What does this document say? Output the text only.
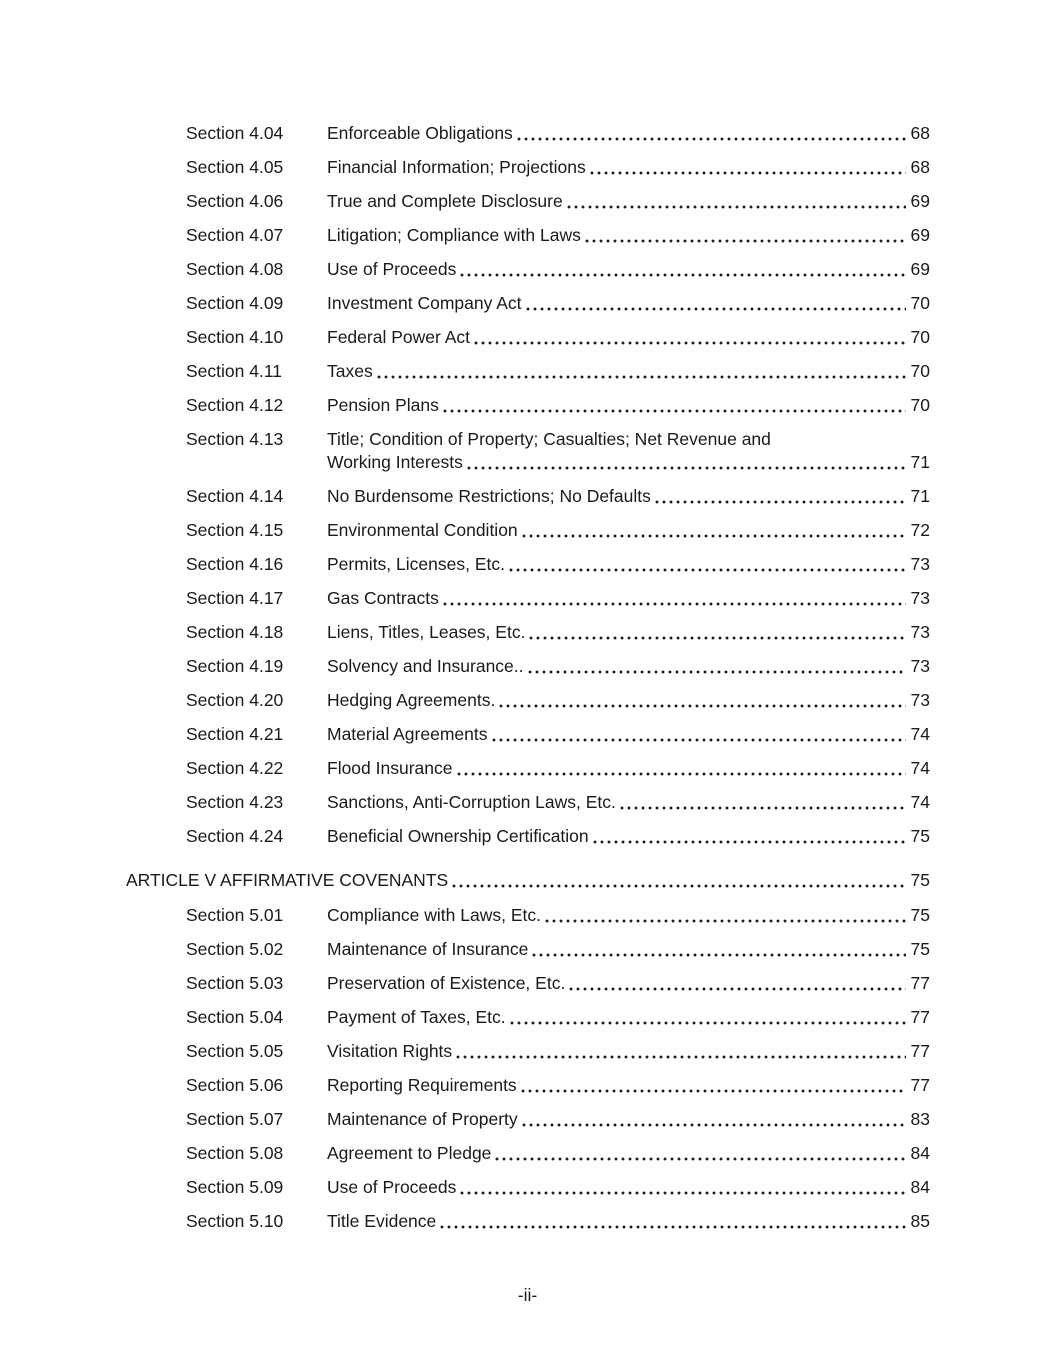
Section 4.04	Enforceable Obligations	68
Section 4.05	Financial Information; Projections	68
Section 4.06	True and Complete Disclosure	69
Section 4.07	Litigation; Compliance with Laws	69
Section 4.08	Use of Proceeds	69
Section 4.09	Investment Company Act	70
Section 4.10	Federal Power Act	70
Section 4.11	Taxes	70
Section 4.12	Pension Plans	70
Section 4.13	Title; Condition of Property; Casualties; Net Revenue and
Working Interests	71
Section 4.14	No Burdensome Restrictions; No Defaults	71
Section 4.15	Environmental Condition	72
Section 4.16	Permits, Licenses, Etc.	73
Section 4.17	Gas Contracts	73
Section 4.18	Liens, Titles, Leases, Etc.	73
Section 4.19	Solvency and Insurance..	73
Section 4.20	Hedging Agreements.	73
Section 4.21	Material Agreements	74
Section 4.22	Flood Insurance	74
Section 4.23	Sanctions, Anti-Corruption Laws, Etc.	74
Section 4.24	Beneficial Ownership Certification	75
ARTICLE V AFFIRMATIVE COVENANTS	75
Section 5.01	Compliance with Laws, Etc.	75
Section 5.02	Maintenance of Insurance	75
Section 5.03	Preservation of Existence, Etc.	77
Section 5.04	Payment of Taxes, Etc.	77
Section 5.05	Visitation Rights	77
Section 5.06	Reporting Requirements	77
Section 5.07	Maintenance of Property	83
Section 5.08	Agreement to Pledge	84
Section 5.09	Use of Proceeds	84
Section 5.10	Title Evidence	85
-ii-
